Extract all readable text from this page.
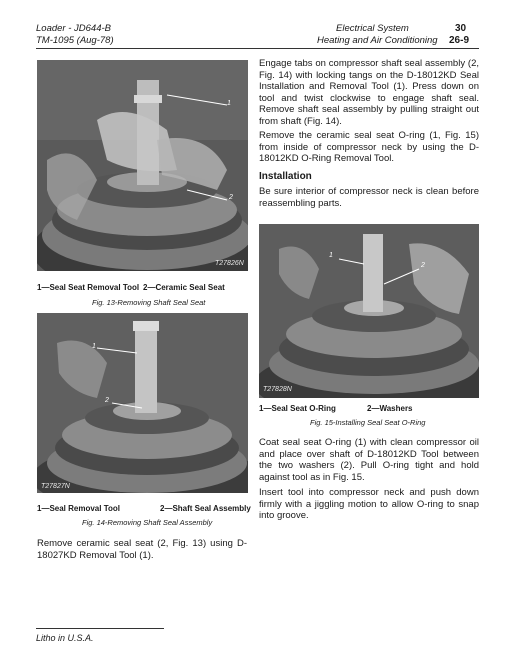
Loader - JD644-B
TM-1095 (Aug-78)
Electrical System	30
Heating and Air Conditioning 26-9
1
2
T27826N
1—Seal Seat Removal Tool 2—Ceramic Seal Seat
Fig. 13-Removing Shaft Seal Seat
1
2
T27827N
1—Seal Removal Tool	2—Shaft Seal Assembly
Fig. 14-Removing Shaft Seal Assembly
Remove ceramic seal seat (2, Fig. 13) using D-18027KD Removal Tool (1).
Engage tabs on compressor shaft seal assembly (2, Fig. 14) with locking tangs on the D-18012KD Seal Installation and Removal Tool (1). Press down on tool and twist clockwise to engage shaft seal. Remove shaft seal assembly by pulling straight out from shaft (Fig. 14).
Remove the ceramic seal seat O-ring (1, Fig. 15) from inside of compressor neck by using the D-18012KD O-Ring Removal Tool.
Installation
Be sure interior of compressor neck is clean before reassembling parts.
1
2
T27828N
1—Seal Seat O-Ring	2—Washers
Fig. 15-Installing Seal Seat O-Ring
Coat seal seat O-ring (1) with clean compressor oil and place over shaft of D-18012KD Tool between the two washers (2). Pull O-ring tight and hold against tool as in Fig. 15.
Insert tool into compressor neck and push down firmly with a jiggling motion to allow O-ring to snap into groove.
Litho in U.S.A.
